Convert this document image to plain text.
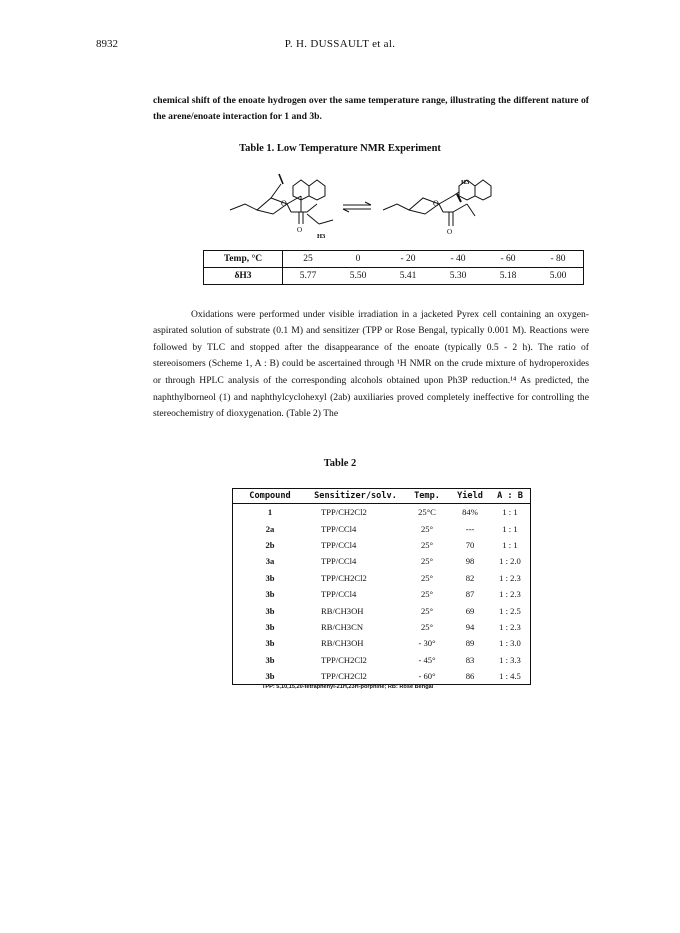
8932	P. H. DUSSAULT et al.

chemical shift of the enoate hydrogen over the same temperature range, illustrating the different nature of the arene/enoate interaction for 1 and 3b.

Table 1. Low Temperature NMR Experiment
O
O
H3
O
O
H3
Temp, °C	25	0	- 20	- 40	- 60	- 80
δH3	5.77	5.50	5.41	5.30	5.18	5.00

Oxidations were performed under visible irradiation in a jacketed Pyrex cell containing an oxygen-aspirated solution of substrate (0.1 M) and sensitizer (TPP or Rose Bengal, typically 0.001 M). Reactions were followed by TLC and stopped after the disappearance of the enoate (typically 0.5 - 2 h). The ratio of stereoisomers (Scheme 1, A : B) could be ascertained through ¹H NMR on the crude mixture of hydroperoxides or through HPLC analysis of the corresponding alcohols obtained upon Ph3P reduction.¹⁴ As predicted, the naphthylborneol (1) and naphthylcyclohexyl (2ab) auxiliaries proved completely ineffective for controlling the stereochemistry of dioxygenation. (Table 2) The

Table 2
Compound	Sensitizer/solv.	Temp.	Yield	A : B
1	TPP/CH2Cl2	25°C	84%	1 : 1
2a	TPP/CCl4	25°	---	1 : 1
2b	TPP/CCl4	25°	70	1 : 1
3a	TPP/CCl4	25°	98	1 : 2.0
3b	TPP/CH2Cl2	25°	82	1 : 2.3
3b	TPP/CCl4	25°	87	1 : 2.3
3b	RB/CH3OH	25°	69	1 : 2.5
3b	RB/CH3CN	25°	94	1 : 2.3
3b	RB/CH3OH	- 30°	89	1 : 3.0
3b	TPP/CH2Cl2	- 45°	83	1 : 3.3
3b	TPP/CH2Cl2	- 60°	86	1 : 4.5
TPP: 5,10,15,20-tetraphenyl-21H,23H-porphine; RB: Rose Bengal
